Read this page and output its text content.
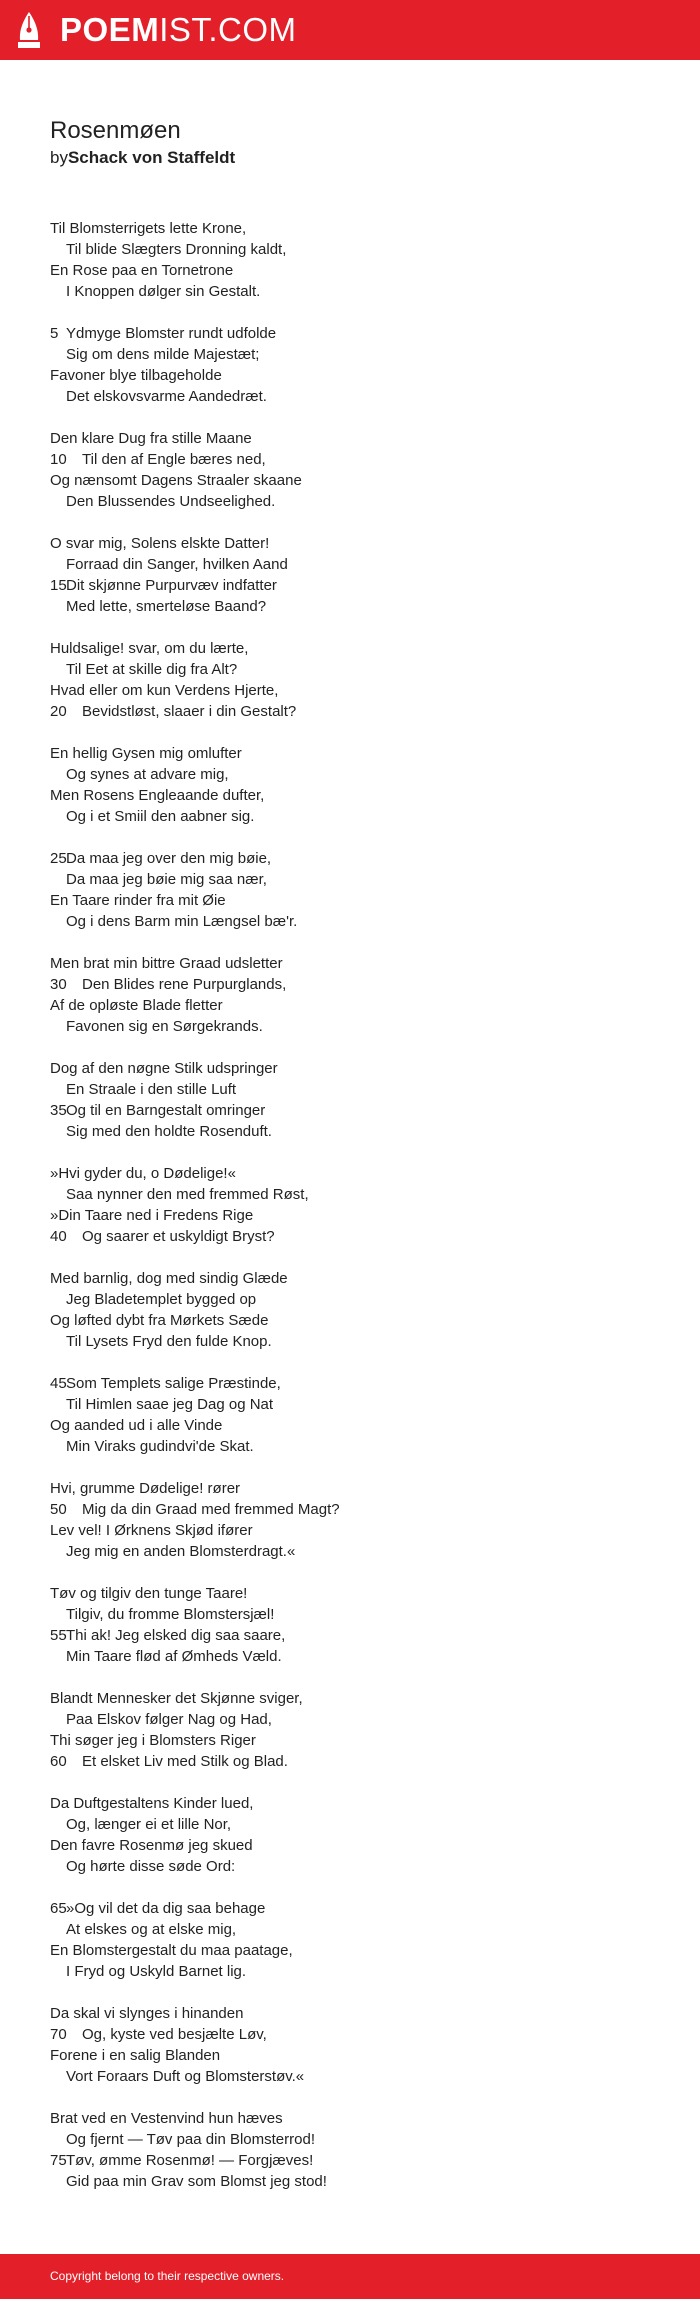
POEMIST.COM
Rosenmøen
bySchack von Staffeldt
Til Blomsterrigets lette Krone,
Til blide Slægters Dronning kaldt,
En Rose paa en Tornetrone
I Knoppen dølger sin Gestalt.
5 Ydmyge Blomster rundt udfolde
Sig om dens milde Majestæt;
Favoner blye tilbageholde
Det elskovsvarme Aandedræt.
Den klare Dug fra stille Maane
10 Til den af Engle bæres ned,
Og nænsomt Dagens Straaler skaane
Den Blussendes Undseelighed.
O svar mig, Solens elskte Datter!
Forraad din Sanger, hvilken Aand
15Dit skjønne Purpurvæv indfatter
Med lette, smerteløse Baand?
Huldsalige! svar, om du lærte,
Til Eet at skille dig fra Alt?
Hvad eller om kun Verdens Hjerte,
20 Bevidstløst, slaaer i din Gestalt?
En hellig Gysen mig omlufter
Og synes at advare mig,
Men Rosens Engleaande dufter,
Og i et Smiil den aabner sig.
25Da maa jeg over den mig bøie,
Da maa jeg bøie mig saa nær,
En Taare rinder fra mit Øie
Og i dens Barm min Længsel bæ'r.
Men brat min bittre Graad udsletter
30 Den Blides rene Purpurglands,
Af de opløste Blade fletter
Favonen sig en Sørgekrands.
Dog af den nøgne Stilk udspringer
En Straale i den stille Luft
35Og til en Barngestalt omringer
Sig med den holdte Rosenduft.
»Hvi gyder du, o Dødelige!«
Saa nynner den med fremmed Røst,
»Din Taare ned i Fredens Rige
40 Og saarer et uskyldigt Bryst?
Med barnlig, dog med sindig Glæde
Jeg Bladetemplet bygged op
Og løfted dybt fra Mørkets Sæde
Til Lysets Fryd den fulde Knop.
45Som Templets salige Præstinde,
Til Himlen saae jeg Dag og Nat
Og aanded ud i alle Vinde
Min Viraks gudindvi'de Skat.
Hvi, grumme Dødelige! rører
50 Mig da din Graad med fremmed Magt?
Lev vel! I Ørknens Skjød ifører
Jeg mig en anden Blomsterdragt.«
Tøv og tilgiv den tunge Taare!
Tilgiv, du fromme Blomstersjæl!
55Thi ak! Jeg elsked dig saa saare,
Min Taare flød af Ømheds Væld.
Blandt Mennesker det Skjønne sviger,
Paa Elskov følger Nag og Had,
Thi søger jeg i Blomsters Riger
60 Et elsket Liv med Stilk og Blad.
Da Duftgestaltens Kinder lued,
Og, længer ei et lille Nor,
Den favre Rosenmø jeg skued
Og hørte disse søde Ord:
65»Og vil det da dig saa behage
At elskes og at elske mig,
En Blomstergestalt du maa paatage,
I Fryd og Uskyld Barnet lig.
Da skal vi slynges i hinanden
70 Og, kyste ved besjælte Løv,
Forene i en salig Blanden
Vort Foraars Duft og Blomsterstøv.«
Brat ved en Vestenvind hun hæves
Og fjernt — Tøv paa din Blomsterrod!
75Tøv, ømme Rosenmø! — Forgjæves!
Gid paa min Grav som Blomst jeg stod!
Copyright belong to their respective owners.
